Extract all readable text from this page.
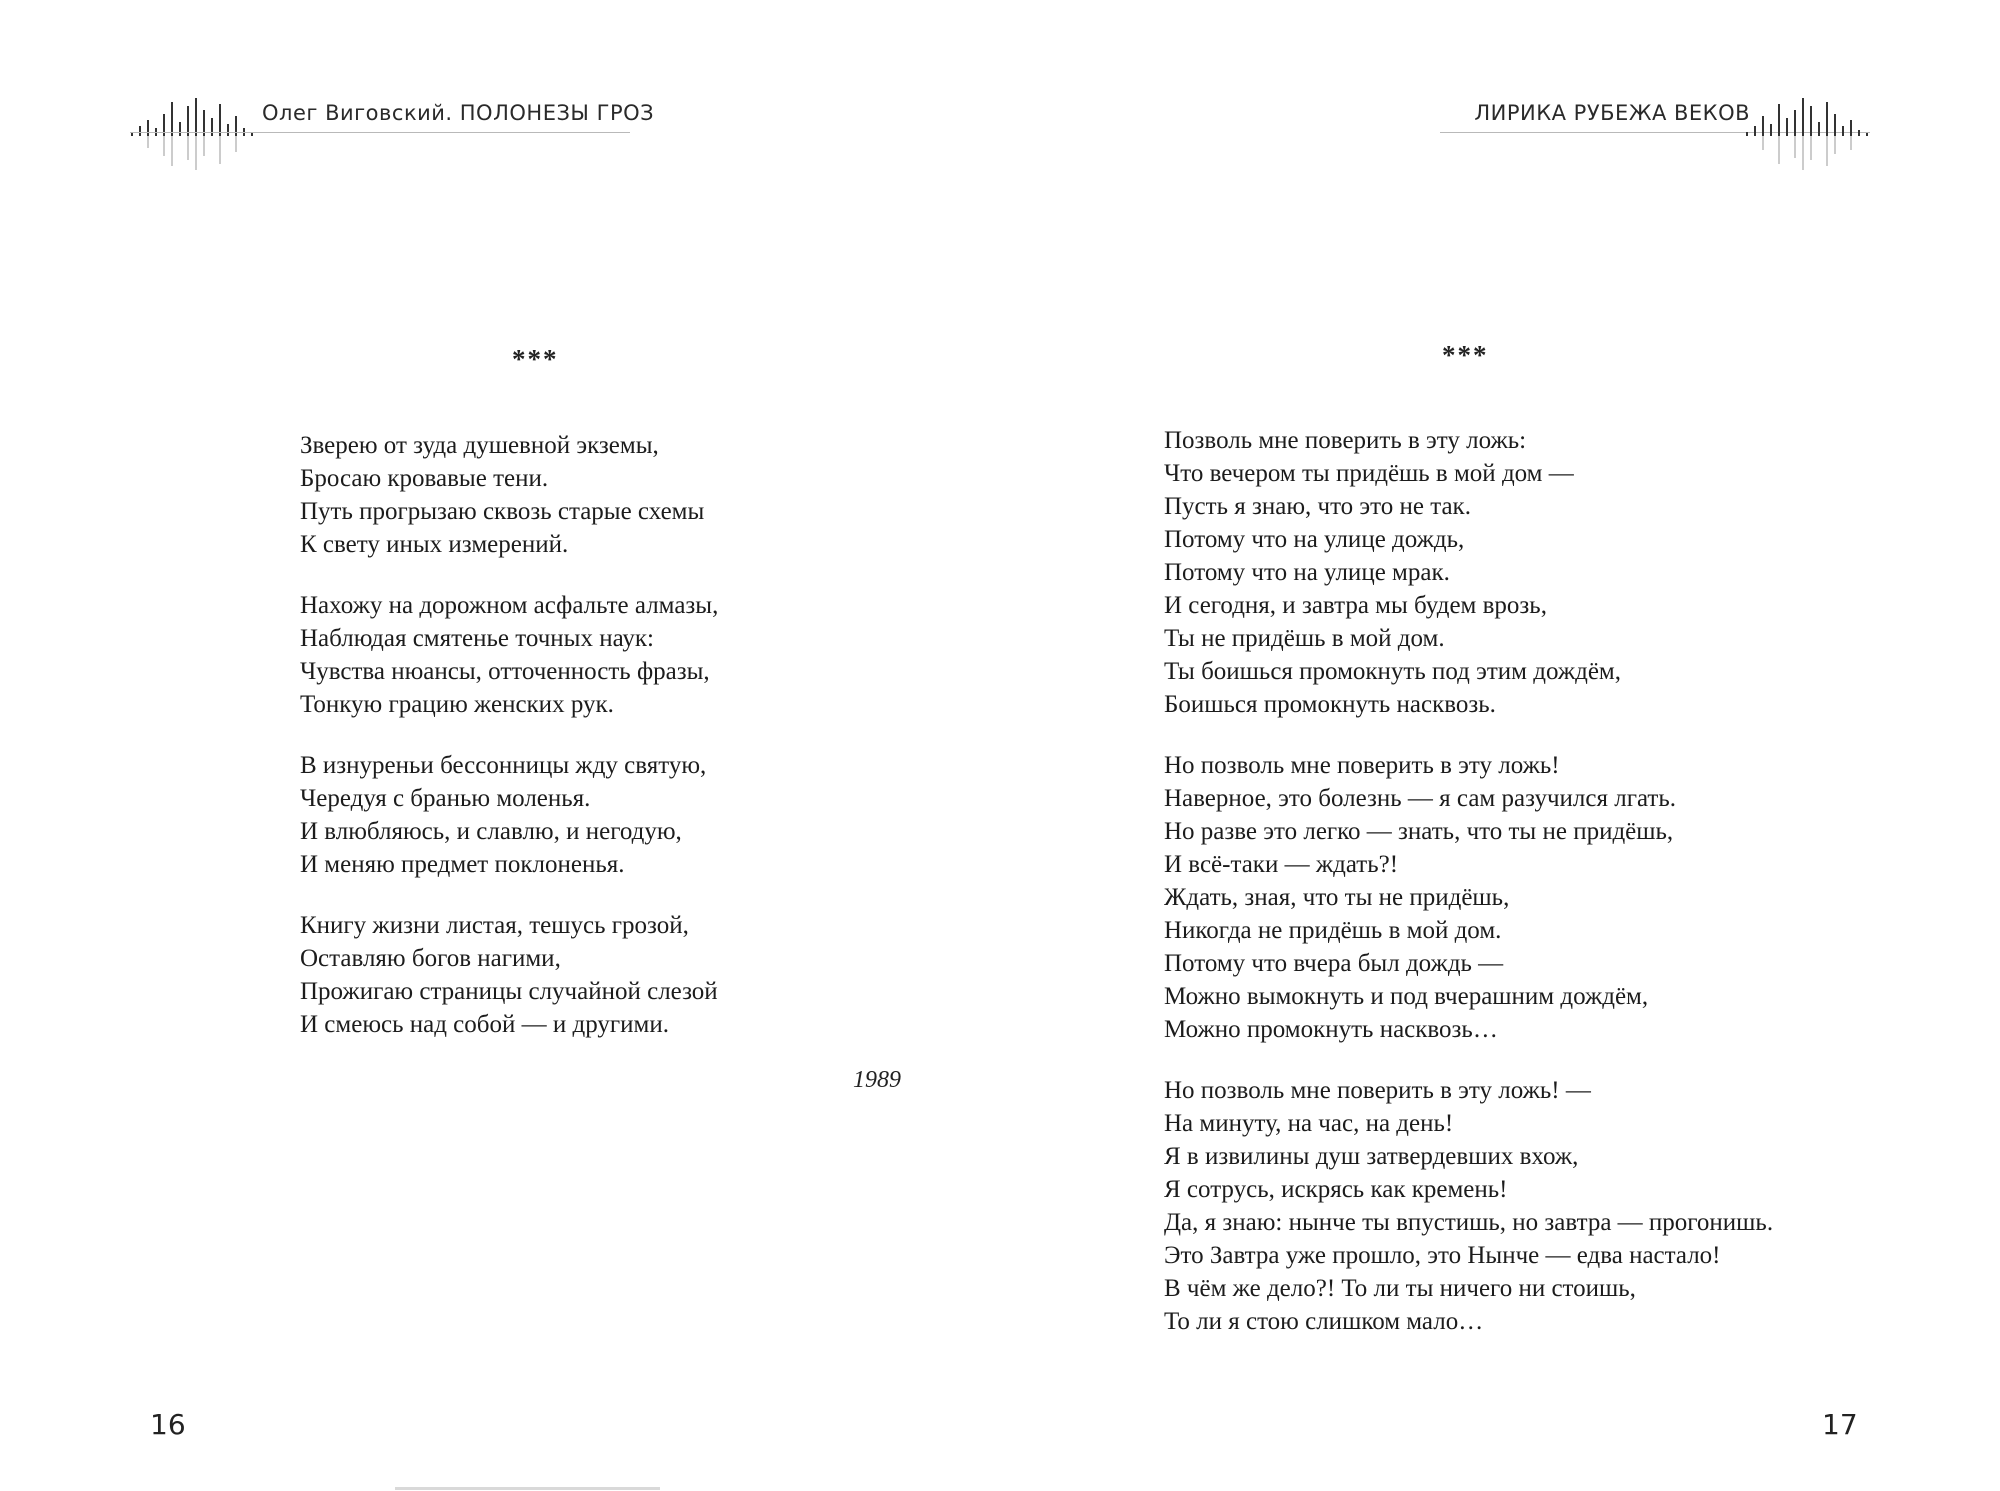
Олег Виговский. ПОЛОНЕЗЫ ГРОЗ
***
Зверею от зуда душевной экземы,
Бросаю кровавые тени.
Путь прогрызаю сквозь старые схемы
К свету иных измерений.
Нахожу на дорожном асфальте алмазы,
Наблюдая смятенье точных наук:
Чувства нюансы, отточенность фразы,
Тонкую грацию женских рук.
В изнуреньи бессонницы жду святую,
Чередуя с бранью моленья.
И влюбляюсь, и славлю, и негодую,
И меняю предмет поклоненья.
Книгу жизни листая, тешусь грозой,
Оставляю богов нагими,
Прожигаю страницы случайной слезой
И смеюсь над собой — и другими.
1989
16
ЛИРИКА РУБЕЖА ВЕКОВ
***
Позволь мне поверить в эту ложь:
Что вечером ты придёшь в мой дом —
Пусть я знаю, что это не так.
Потому что на улице дождь,
Потому что на улице мрак.
И сегодня, и завтра мы будем врозь,
Ты не придёшь в мой дом.
Ты боишься промокнуть под этим дождём,
Боишься промокнуть насквозь.
Но позволь мне поверить в эту ложь!
Наверное, это болезнь — я сам разучился лгать.
Но разве это легко — знать, что ты не придёшь,
И всё-таки — ждать?!
Ждать, зная, что ты не придёшь,
Никогда не придёшь в мой дом.
Потому что вчера был дождь —
Можно вымокнуть и под вчерашним дождём,
Можно промокнуть насквозь…
Но позволь мне поверить в эту ложь! —
На минуту, на час, на день!
Я в извилины душ затвердевших вхож,
Я сотрусь, искрясь как кремень!
Да, я знаю: нынче ты впустишь, но завтра — прогонишь.
Это Завтра уже прошло, это Нынче — едва настало!
В чём же дело?! То ли ты ничего ни стоишь,
То ли я стою слишком мало…
17
